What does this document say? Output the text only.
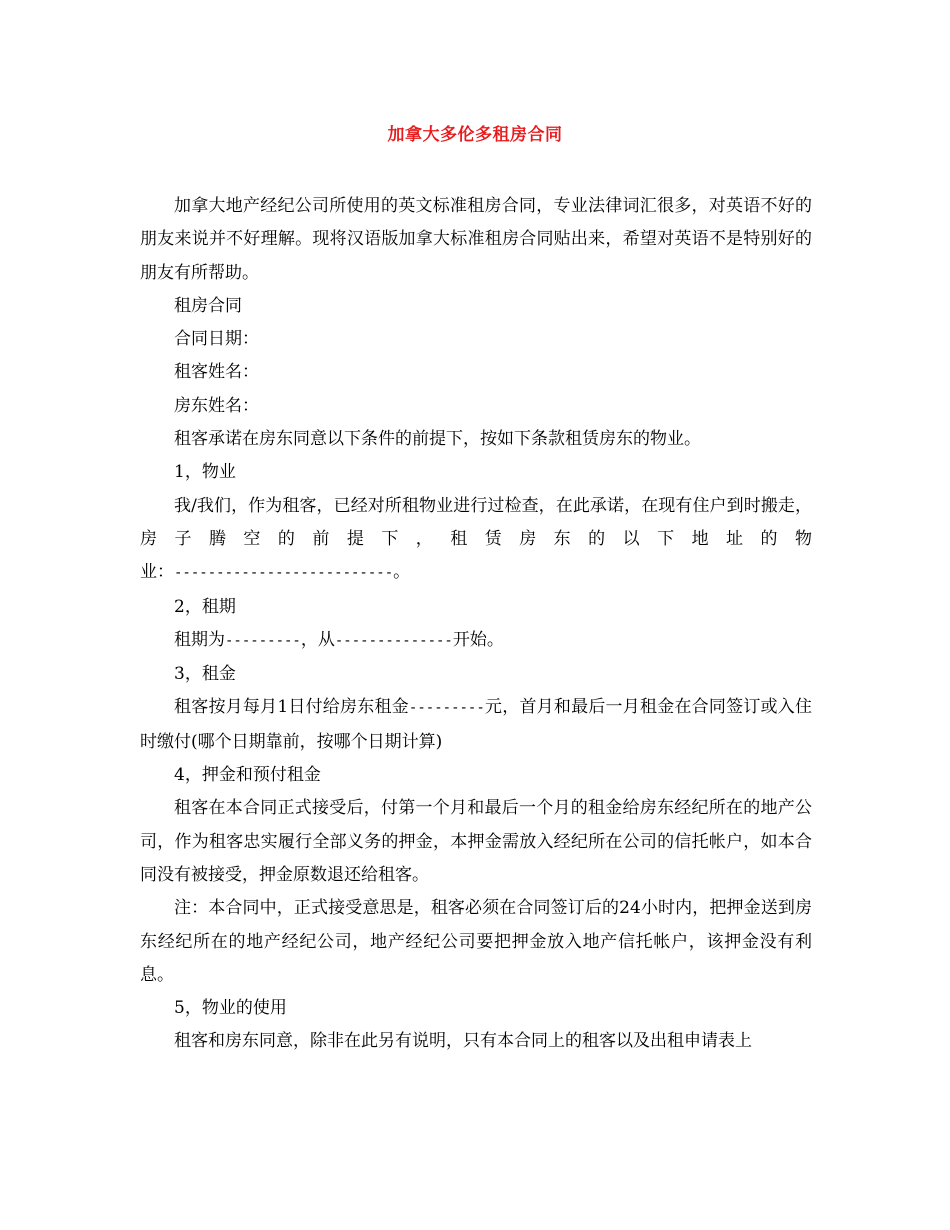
加拿大多伦多租房合同

加拿大地产经纪公司所使用的英文标准租房合同，专业法律词汇很多，对英语不好的朋友来说并不好理解。现将汉语版加拿大标准租房合同贴出来，希望对英语不是特别好的朋友有所帮助。

租房合同

合同日期：

租客姓名：

房东姓名：

租客承诺在房东同意以下条件的前提下，按如下条款租赁房东的物业。

1，物业

我/我们，作为租客，已经对所租物业进行过检查，在此承诺，在现有住户到时搬走，房子腾空的前提下，租赁房东的以下地址的物

业：--------------------------。

2，租期

租期为---------，从--------------开始。

3，租金

租客按月每月1日付给房东租金---------元，首月和最后一月租金在合同签订或入住时缴付(哪个日期靠前，按哪个日期计算)

4，押金和预付租金

租客在本合同正式接受后，付第一个月和最后一个月的租金给房东经纪所在的地产公司，作为租客忠实履行全部义务的押金，本押金需放入经纪所在公司的信托帐户，如本合同没有被接受，押金原数退还给租客。

注：本合同中，正式接受意思是，租客必须在合同签订后的24小时内，把押金送到房东经纪所在的地产经纪公司，地产经纪公司要把押金放入地产信托帐户，该押金没有利息。

5，物业的使用

租客和房东同意，除非在此另有说明，只有本合同上的租客以及出租申请表上
